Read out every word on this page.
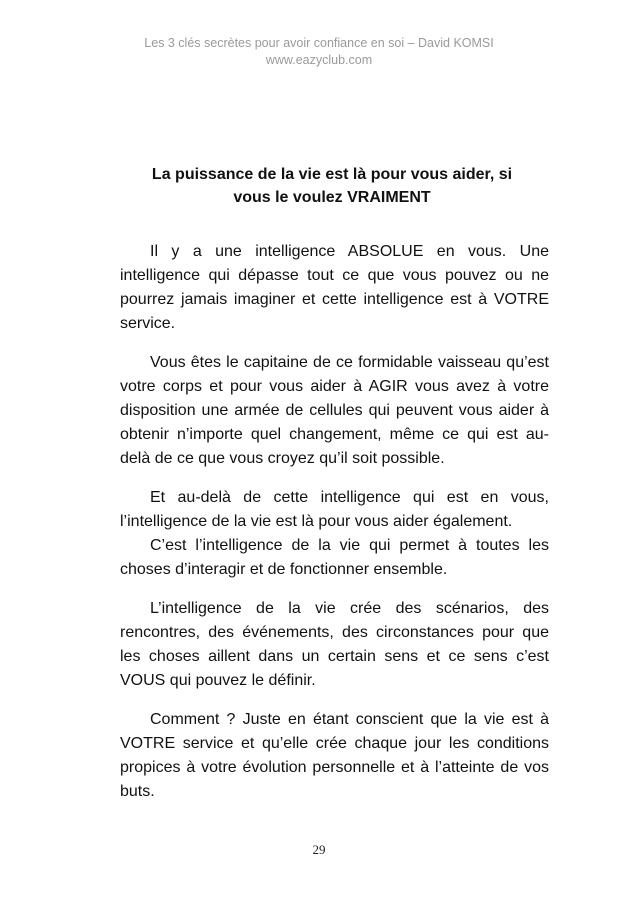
Les 3 clés secrètes pour avoir confiance en soi – David KOMSI
www.eazyclub.com
La puissance de la vie est là pour vous aider, si
vous le voulez VRAIMENT

Il y a une intelligence ABSOLUE en vous. Une intelligence qui dépasse tout ce que vous pouvez ou ne pourrez jamais imaginer et cette intelligence est à VOTRE service.

Vous êtes le capitaine de ce formidable vaisseau qu’est votre corps et pour vous aider à AGIR vous avez à votre disposition une armée de cellules qui peuvent vous aider à obtenir n’importe quel changement, même ce qui est au-delà de ce que vous croyez qu’il soit possible.

Et au-delà de cette intelligence qui est en vous, l’intelligence de la vie est là pour vous aider également.

C’est l’intelligence de la vie qui permet à toutes les choses d’interagir et de fonctionner ensemble.

L’intelligence de la vie crée des scénarios, des rencontres, des événements, des circonstances pour que les choses aillent dans un certain sens et ce sens c’est VOUS qui pouvez le définir.

Comment ? Juste en étant conscient que la vie est à VOTRE service et qu’elle crée chaque jour les conditions propices à votre évolution personnelle et à l’atteinte de vos buts.

29
